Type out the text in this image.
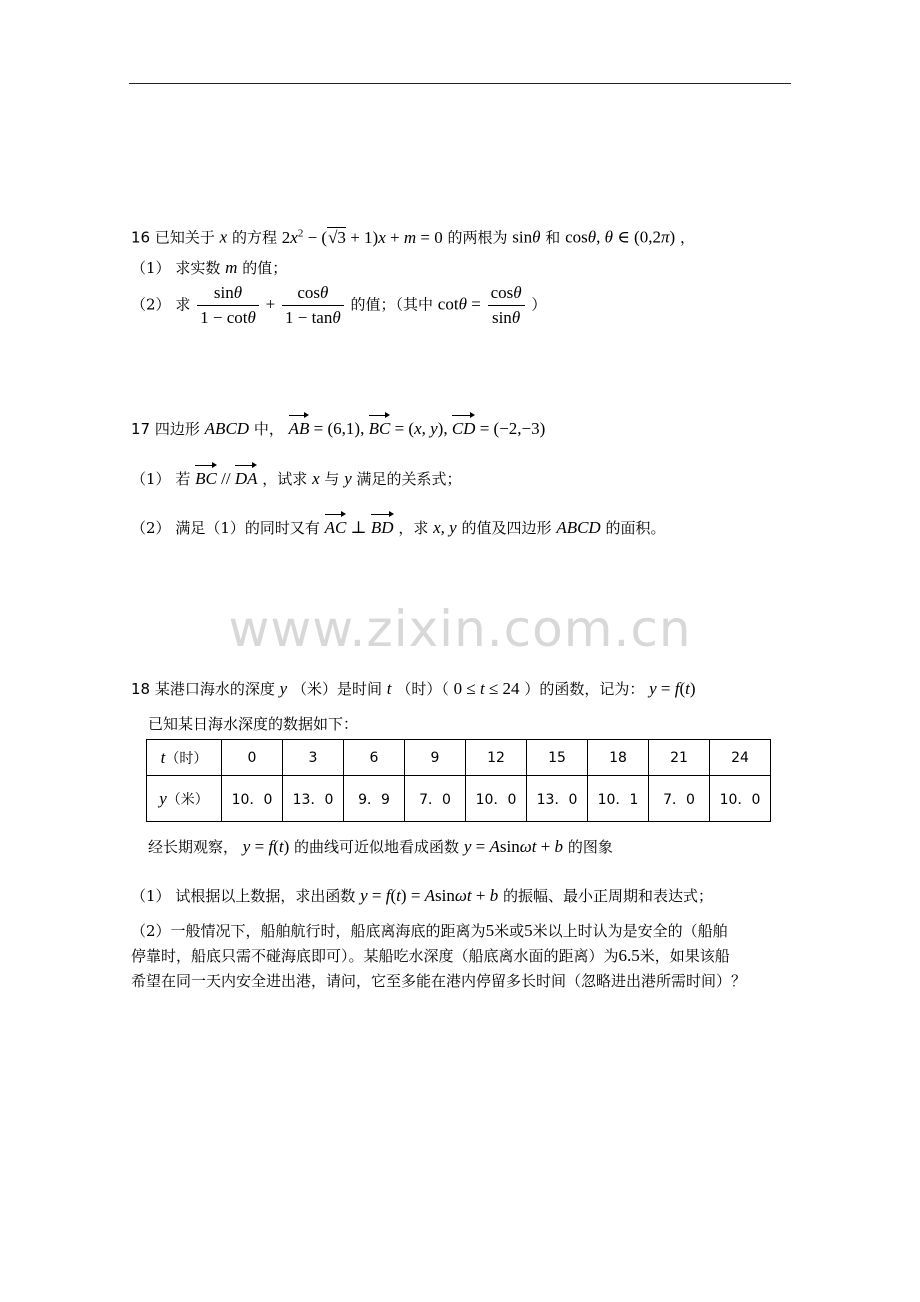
16 已知关于 x 的方程 $2x^2 - (√3 + 1)x + m = 0$ 的两根为 sinθ 和 cosθ, θ ∈ (0,2π) ，
（1） 求实数 m 的值；
（2） 求 $\frac{\sin\theta}{1 - \cot\theta} + \frac{\cos\theta}{1 - \tan\theta}$ 的值；（其中 $\cot\theta = \frac{\cos\theta}{\sin\theta}$ ）
17 四边形 ABCD 中， AB = (6,1), BC = (x, y), CD = (−2,−3)
（1） 若 BC // DA ，试求 x 与 y 满足的关系式；
（2） 满足（1）的同时又有 AC ⊥ BD ，求 x, y 的值及四边形 ABCD 的面积。
www.zixin.com.cn
18 某港口海水的深度 y （米）是时间 t （时）（ 0 ≤ t ≤ 24 ）的函数，记为： y = f(t)
已知某日海水深度的数据如下：
t（时）	0	3	6	9	12	15	18	21	24
y（米）	10．0	13．0	9．9	7．0	10．0	13．0	10．1	7．0	10．0
经长期观察， y = f(t) 的曲线可近似地看成函数 y = Asinωt + b 的图象
（1） 试根据以上数据，求出函数 y = f(t) = Asinωt + b 的振幅、最小正周期和表达式；
（2）一般情况下，船舶航行时，船底离海底的距离为5米或5米以上时认为是安全的（船舶
停靠时，船底只需不碰海底即可）。某船吃水深度（船底离水面的距离）为6.5米，如果该船
希望在同一天内安全进出港，请问，它至多能在港内停留多长时间（忽略进出港所需时间）？
